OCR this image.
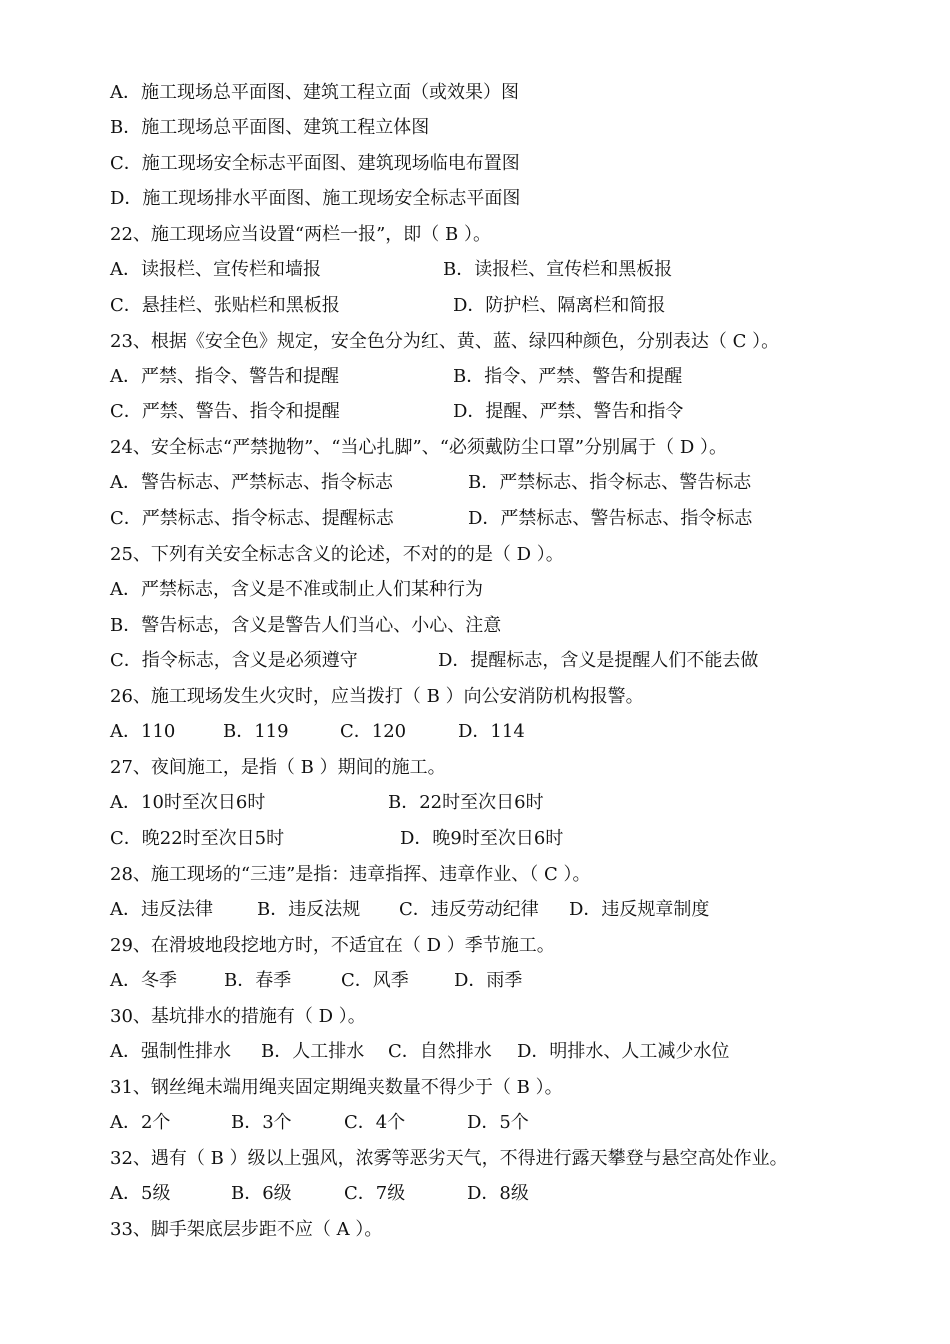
A．施工现场总平面图、建筑工程立面（或效果）图
B．施工现场总平面图、建筑工程立体图
C．施工现场安全标志平面图、建筑现场临电布置图
D．施工现场排水平面图、施工现场安全标志平面图
22、施工现场应当设置“两栏一报”，即（ B ）。
A．读报栏、宣传栏和墙报	B．读报栏、宣传栏和黑板报
C．悬挂栏、张贴栏和黑板报	D．防护栏、隔离栏和简报
23、根据《安全色》规定，安全色分为红、黄、蓝、绿四种颜色，分别表达（ C ）。
A．严禁、指令、警告和提醒	B．指令、严禁、警告和提醒
C．严禁、警告、指令和提醒	D．提醒、严禁、警告和指令
24、安全标志“严禁抛物”、“当心扎脚”、“必须戴防尘口罩”分别属于（ D ）。
A．警告标志、严禁标志、指令标志	B．严禁标志、指令标志、警告标志
C．严禁标志、指令标志、提醒标志	D．严禁标志、警告标志、指令标志
25、下列有关安全标志含义的论述，不对的的是（ D ）。
A．严禁标志，含义是不准或制止人们某种行为
B．警告标志，含义是警告人们当心、小心、注意
C．指令标志，含义是必须遵守	D．提醒标志，含义是提醒人们不能去做
26、施工现场发生火灾时，应当拨打（ B ）向公安消防机构报警。
A．110	B．119	C．120	D．114
27、夜间施工，是指（ B ）期间的施工。
A．10时至次日6时	B．22时至次日6时
C．晚22时至次日5时	D．晚9时至次日6时
28、施工现场的“三违”是指：违章指挥、违章作业、（ C ）。
A．违反法律 B．违反法规 C．违反劳动纪律 D．违反规章制度
29、在滑坡地段挖地方时，不适宜在（ D ）季节施工。
A．冬季	B．春季	C．风季	D．雨季
30、基坑排水的措施有（ D ）。
A．强制性排水 B．人工排水 C．自然排水 D．明排水、人工减少水位
31、钢丝绳未端用绳夹固定期绳夹数量不得少于（ B ）。
A．2个	B．3个	C．4个	D．5个
32、遇有（ B ）级以上强风，浓雾等恶劣天气，不得进行露天攀登与悬空高处作业。
A．5级	B．6级	C．7级	D．8级
33、脚手架底层步距不应（ A ）。
